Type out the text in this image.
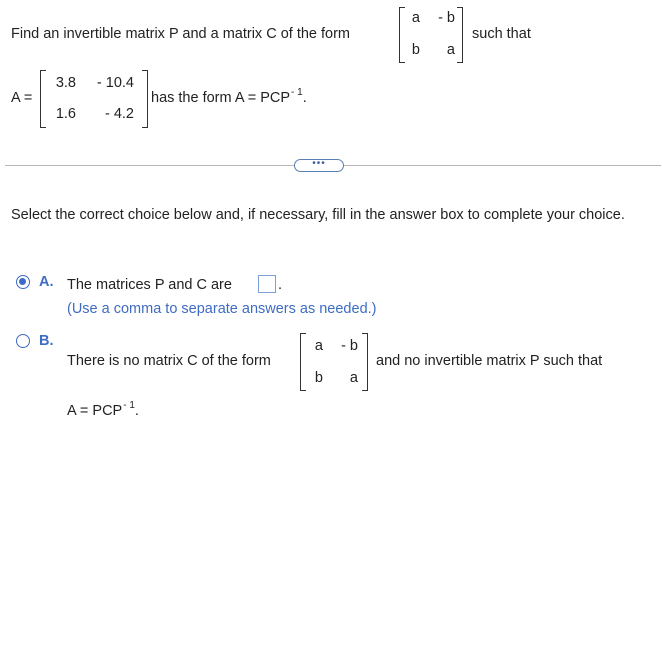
Find an invertible matrix P and a matrix C of the form
a - b
b a
such that
A =
3.8 - 10.4
1.6 - 4.2
has the form $A = PCP^{- 1}$.
•••
Select the correct choice below and, if necessary, fill in the answer box to complete your choice.
A. The matrices P and C are	.
(Use a comma to separate answers as needed.)
B.
There is no matrix C of the form
a - b
b a
and no invertible matrix P such that
$A = PCP^{- 1}$.
